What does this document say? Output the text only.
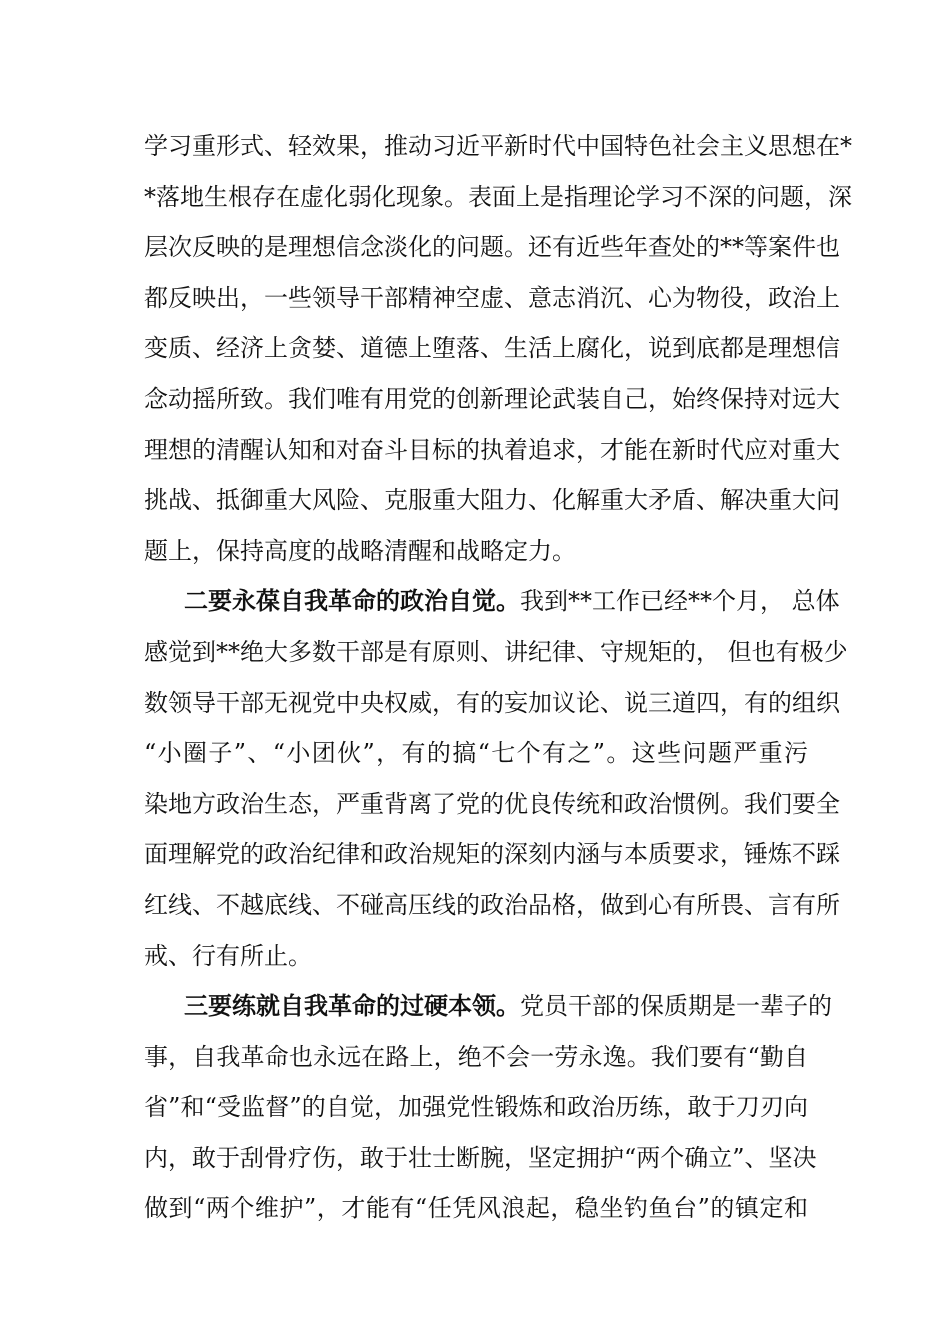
学习重形式、轻效果，推动习近平新时代中国特色社会主义思想在*
*落地生根存在虚化弱化现象。表面上是指理论学习不深的问题，深
层次反映的是理想信念淡化的问题。还有近些年查处的**等案件也
都反映出，一些领导干部精神空虚、意志消沉、心为物役，政治上
变质、经济上贪婪、道德上堕落、生活上腐化，说到底都是理想信
念动摇所致。我们唯有用党的创新理论武装自己，始终保持对远大
理想的清醒认知和对奋斗目标的执着追求，才能在新时代应对重大
挑战、抵御重大风险、克服重大阻力、化解重大矛盾、解决重大问
题上，保持高度的战略清醒和战略定力。
二要永葆自我革命的政治自觉。我到**工作已经**个月， 总体
感觉到**绝大多数干部是有原则、讲纪律、守规矩的， 但也有极少
数领导干部无视党中央权威，有的妄加议论、说三道四，有的组织
“小圈子”、“小团伙”，有的搞“七个有之”。这些问题严重污
染地方政治生态，严重背离了党的优良传统和政治惯例。我们要全
面理解党的政治纪律和政治规矩的深刻内涵与本质要求，锤炼不踩
红线、不越底线、不碰高压线的政治品格，做到心有所畏、言有所
戒、行有所止。
三要练就自我革命的过硬本领。党员干部的保质期是一辈子的
事，自我革命也永远在路上，绝不会一劳永逸。我们要有“勤自
省”和“受监督”的自觉，加强党性锻炼和政治历练，敢于刀刃向
内，敢于刮骨疗伤，敢于壮士断腕，坚定拥护“两个确立”、坚决
做到“两个维护”，才能有“任凭风浪起，稳坐钓鱼台”的镇定和
